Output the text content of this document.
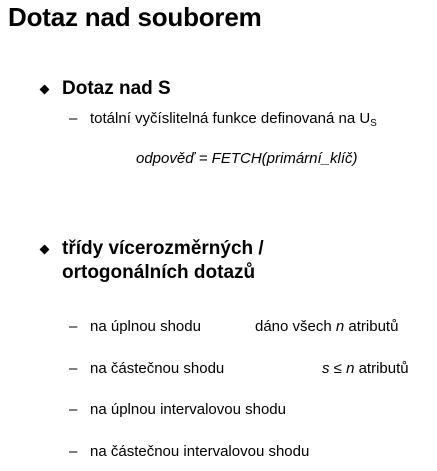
Dotaz nad souborem
Dotaz nad S
– totální vyčíslitelná funkce definovaná na $U_S$
odpověď = FETCH(primární_klíč)
třídy vícerozměrných /
ortogonálních dotazů
– na úplnou shodu	dáno všech n atributů
– na částečnou shodu	s ≤ n atributů
– na úplnou intervalovou shodu
– na částečnou intervalovou shodu
